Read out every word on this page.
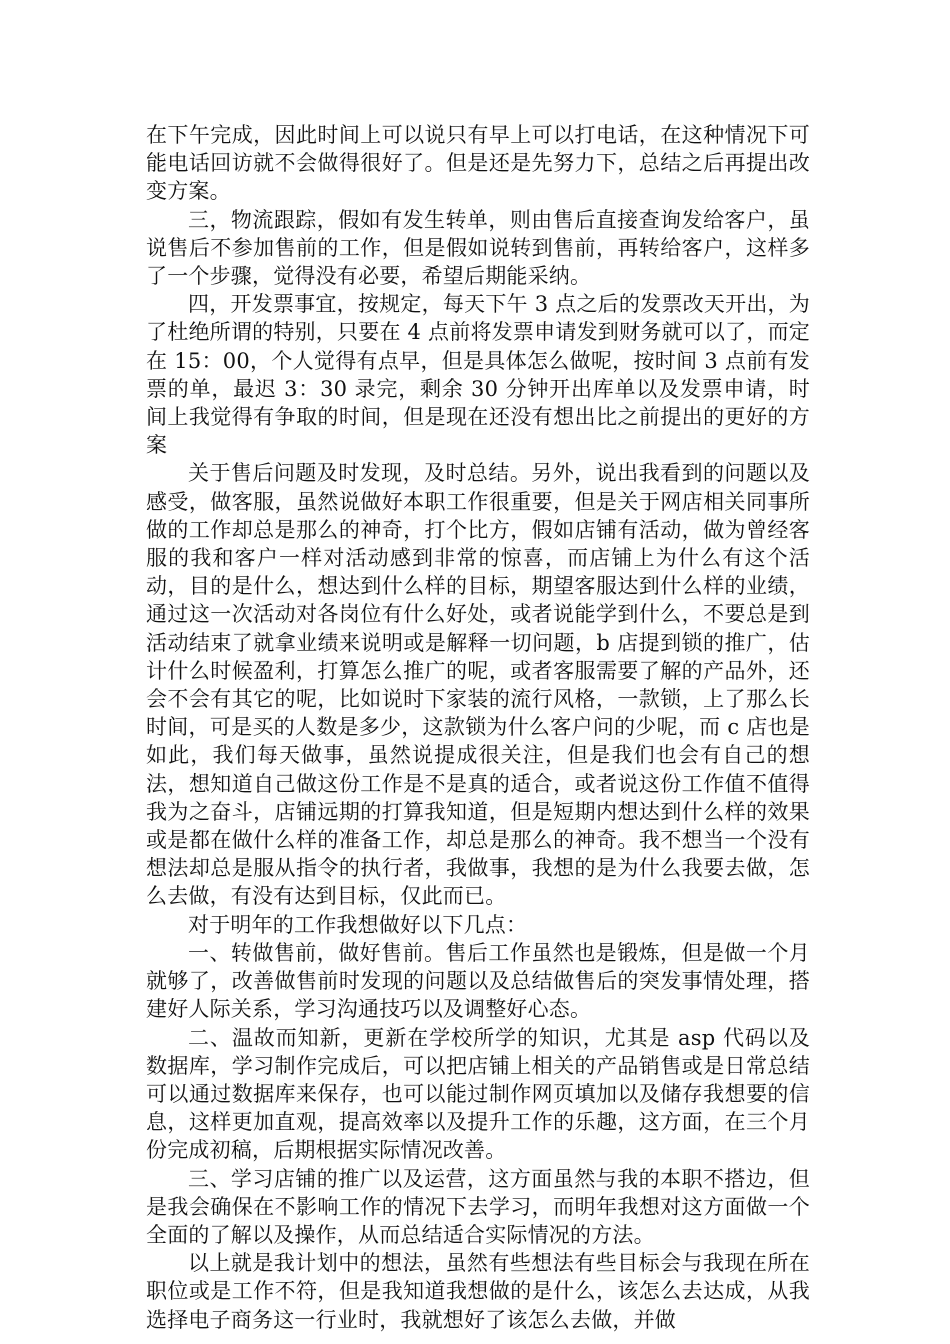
在下午完成，因此时间上可以说只有早上可以打电话，在这种情况下可能电话回访就不会做得很好了。但是还是先努力下，总结之后再提出改变方案。

三，物流跟踪，假如有发生转单，则由售后直接查询发给客户，虽说售后不参加售前的工作，但是假如说转到售前，再转给客户，这样多了一个步骤，觉得没有必要，希望后期能采纳。

四，开发票事宜，按规定，每天下午 3 点之后的发票改天开出，为了杜绝所谓的特别，只要在 4 点前将发票申请发到财务就可以了，而定在 15：00，个人觉得有点早，但是具体怎么做呢，按时间 3 点前有发票的单，最迟 3：30 录完，剩余 30 分钟开出库单以及发票申请，时间上我觉得有争取的时间，但是现在还没有想出比之前提出的更好的方案

关于售后问题及时发现，及时总结。另外，说出我看到的问题以及感受，做客服，虽然说做好本职工作很重要，但是关于网店相关同事所做的工作却总是那么的神奇，打个比方，假如店铺有活动，做为曾经客服的我和客户一样对活动感到非常的惊喜，而店铺上为什么有这个活动，目的是什么，想达到什么样的目标，期望客服达到什么样的业绩，通过这一次活动对各岗位有什么好处，或者说能学到什么，不要总是到活动结束了就拿业绩来说明或是解释一切问题，b 店提到锁的推广，估计什么时候盈利，打算怎么推广的呢，或者客服需要了解的产品外，还会不会有其它的呢，比如说时下家装的流行风格，一款锁，上了那么长时间，可是买的人数是多少，这款锁为什么客户问的少呢，而 c 店也是如此，我们每天做事，虽然说提成很关注，但是我们也会有自己的想法，想知道自己做这份工作是不是真的适合，或者说这份工作值不值得我为之奋斗，店铺远期的打算我知道，但是短期内想达到什么样的效果或是都在做什么样的准备工作，却总是那么的神奇。我不想当一个没有想法却总是服从指令的执行者，我做事，我想的是为什么我要去做，怎么去做，有没有达到目标，仅此而已。

对于明年的工作我想做好以下几点：

一、转做售前，做好售前。售后工作虽然也是锻炼，但是做一个月就够了，改善做售前时发现的问题以及总结做售后的突发事情处理，搭建好人际关系，学习沟通技巧以及调整好心态。

二、温故而知新，更新在学校所学的知识，尤其是 asp 代码以及数据库，学习制作完成后，可以把店铺上相关的产品销售或是日常总结可以通过数据库来保存，也可以能过制作网页填加以及储存我想要的信息，这样更加直观，提高效率以及提升工作的乐趣，这方面，在三个月份完成初稿，后期根据实际情况改善。

三、学习店铺的推广以及运营，这方面虽然与我的本职不搭边，但是我会确保在不影响工作的情况下去学习，而明年我想对这方面做一个全面的了解以及操作，从而总结适合实际情况的方法。

以上就是我计划中的想法，虽然有些想法有些目标会与我现在所在职位或是工作不符，但是我知道我想做的是什么，该怎么去达成，从我选择电子商务这一行业时，我就想好了该怎么去做，并做
